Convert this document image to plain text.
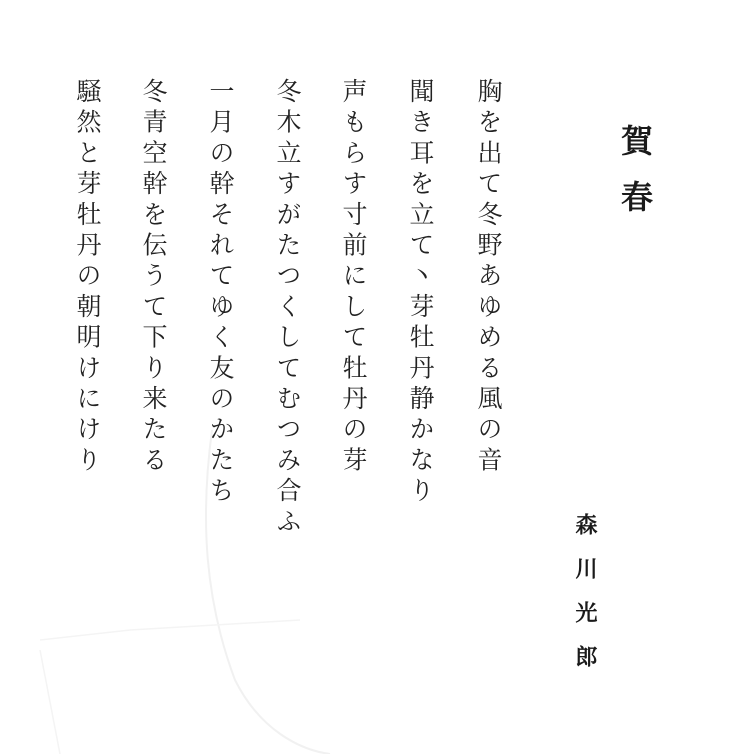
賀春
胸を出て冬野あゆめる風の音
聞き耳を立て丶芽牡丹静かなり
声もらす寸前にして牡丹の芽
冬木立すがたつくしてむつみ合ふ
一月の幹それてゆく友のかたち
冬青空幹を伝うて下り来たる
騒然と芽牡丹の朝明けにけり
森川光郎
